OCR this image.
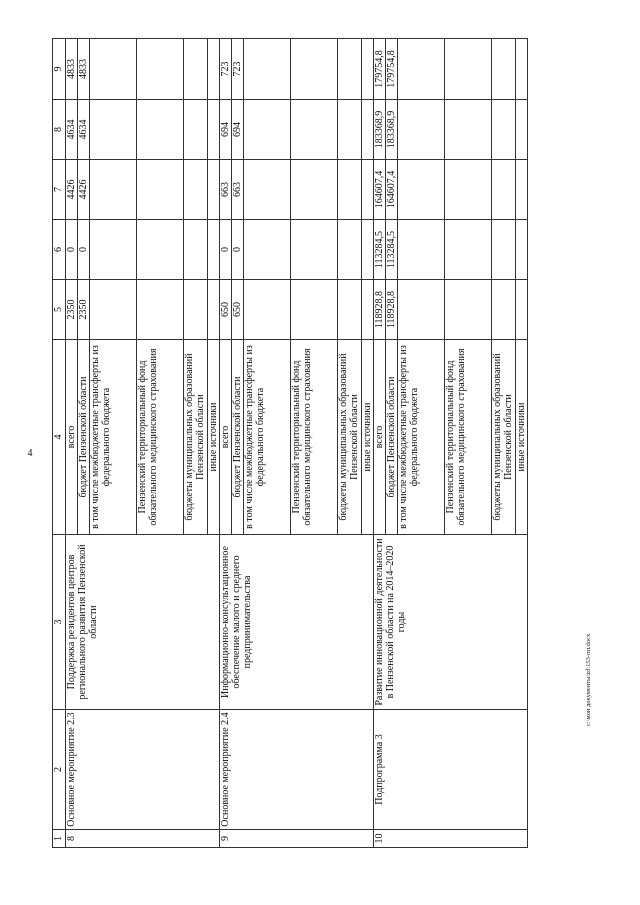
4
1	2	3	4	5	6	7	8	9
8	Основное мероприятие 2.3	Поддержка резидентов центров регионального развития Пензенской области	всего	2350	0	4426	4634	4833
			бюджет Пензенской области	2350	0	4426	4634	4833
			в том числе межбюджетные трансферты из федерального бюджета					
			Пензенский территориальный фонд обязательного медицинского страхования					
			бюджеты муниципальных образований Пензенской области					
			иные источники					
9	Основное мероприятие 2.4	Информационно-консультационное обеспечение малого и среднего предпринимательства	всего	650	0	663	694	723
			бюджет Пензенской области	650	0	663	694	723
			в том числе межбюджетные трансферты из федерального бюджета					
			Пензенский территориальный фонд обязательного медицинского страхования					
			бюджеты муниципальных образований Пензенской области					
			иные источники					
10	Подпрограмма 3	Развитие инновационной деятельности в Пензенской области на 2014–2020 годы	всего	118928,8	113284,5	164607,4	183368,9	179754,8
			бюджет Пензенской области	118928,8	113284,5	164607,4	183368,9	179754,8
			в том числе межбюджетные трансферты из федерального бюджета					
			Пензенский территориальный фонд обязательного медицинского страхования					
			бюджеты муниципальных образований Пензенской области					
			иные источники					
c:\мои документы\zd\153-пп.docx
